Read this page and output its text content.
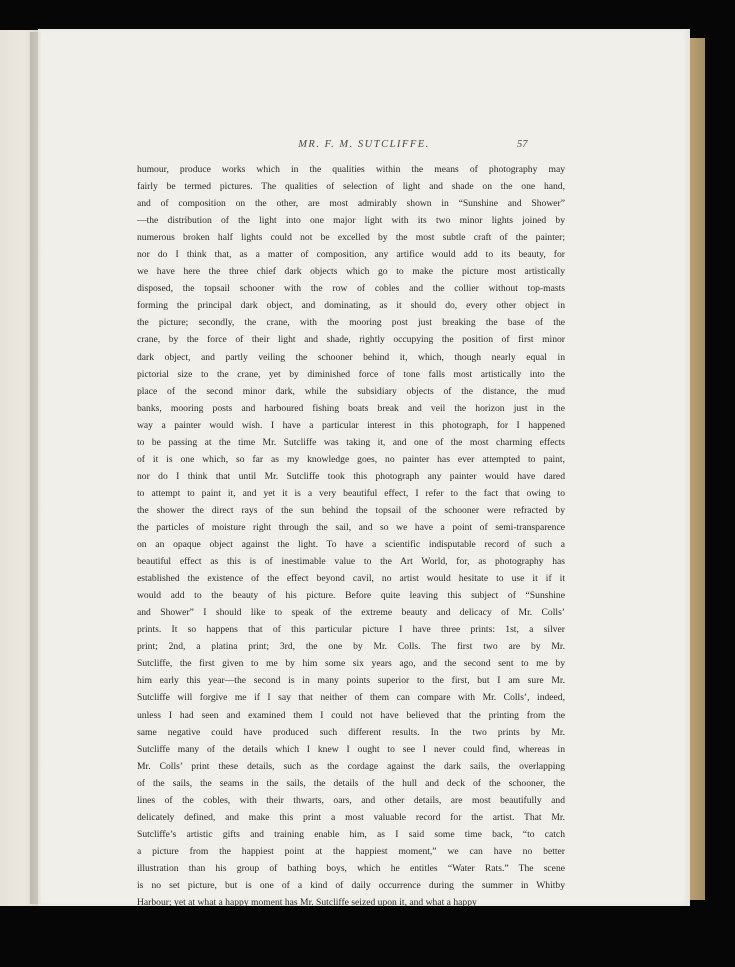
MR. F. M. SUTCLIFFE.	57
humour, produce works which in the qualities within the means of photography may
fairly be termed pictures. The qualities of selection of light and shade on the one hand,
and of composition on the other, are most admirably shown in “Sunshine and Shower”
—the distribution of the light into one major light with its two minor lights joined by
numerous broken half lights could not be excelled by the most subtle craft of the painter;
nor do I think that, as a matter of composition, any artifice would add to its beauty, for
we have here the three chief dark objects which go to make the picture most artistically
disposed, the topsail schooner with the row of cobles and the collier without top-masts
forming the principal dark object, and dominating, as it should do, every other object in
the picture; secondly, the crane, with the mooring post just breaking the base of the
crane, by the force of their light and shade, rightly occupying the position of first minor
dark object, and partly veiling the schooner behind it, which, though nearly equal in
pictorial size to the crane, yet by diminished force of tone falls most artistically into the
place of the second minor dark, while the subsidiary objects of the distance, the mud
banks, mooring posts and harboured fishing boats break and veil the horizon just in the
way a painter would wish. I have a particular interest in this photograph, for I happened
to be passing at the time Mr. Sutcliffe was taking it, and one of the most charming effects
of it is one which, so far as my knowledge goes, no painter has ever attempted to paint,
nor do I think that until Mr. Sutcliffe took this photograph any painter would have dared
to attempt to paint it, and yet it is a very beautiful effect, I refer to the fact that owing to
the shower the direct rays of the sun behind the topsail of the schooner were refracted by
the particles of moisture right through the sail, and so we have a point of semi-transparence
on an opaque object against the light. To have a scientific indisputable record of such a
beautiful effect as this is of inestimable value to the Art World, for, as photography has
established the existence of the effect beyond cavil, no artist would hesitate to use it if it
would add to the beauty of his picture. Before quite leaving this subject of “Sunshine
and Shower” I should like to speak of the extreme beauty and delicacy of Mr. Colls’
prints. It so happens that of this particular picture I have three prints: 1st, a silver
print; 2nd, a platina print; 3rd, the one by Mr. Colls. The first two are by Mr.
Sutcliffe, the first given to me by him some six years ago, and the second sent to me by
him early this year—the second is in many points superior to the first, but I am sure Mr.
Sutcliffe will forgive me if I say that neither of them can compare with Mr. Colls’, indeed,
unless I had seen and examined them I could not have believed that the printing from the
same negative could have produced such different results. In the two prints by Mr.
Sutcliffe many of the details which I knew I ought to see I never could find, whereas in
Mr. Colls’ print these details, such as the cordage against the dark sails, the overlapping
of the sails, the seams in the sails, the details of the hull and deck of the schooner, the
lines of the cobles, with their thwarts, oars, and other details, are most beautifully and
delicately defined, and make this print a most valuable record for the artist. That Mr.
Sutcliffe’s artistic gifts and training enable him, as I said some time back, “to catch
a picture from the happiest point at the happiest moment,” we can have no better
illustration than his group of bathing boys, which he entitles “Water Rats.” The scene
is no set picture, but is one of a kind of daily occurrence during the summer in Whitby
Harbour; yet at what a happy moment has Mr. Sutcliffe seized upon it, and what a happy
